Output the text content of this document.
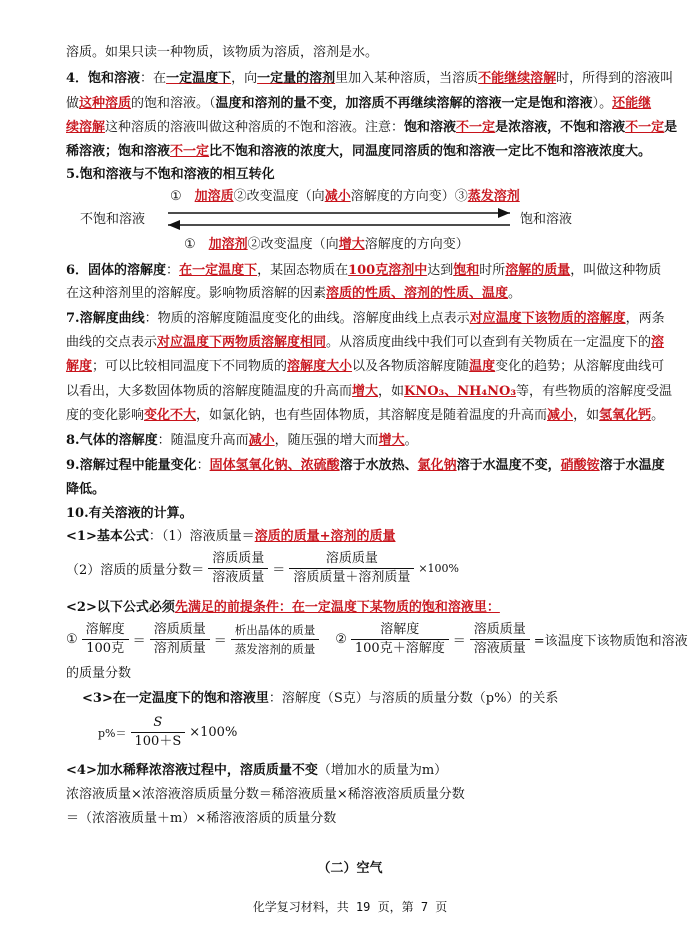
溶质。如果只读一种物质，该物质为溶质，溶剂是水。
4．饱和溶液：在一定温度下，向一定量的溶剂里加入某种溶质，当溶质不能继续溶解时，所得到的溶液叫
做这种溶质的饱和溶液。（温度和溶剂的量不变，加溶质不再继续溶解的溶液一定是饱和溶液）。还能继
续溶解这种溶质的溶液叫做这种溶质的不饱和溶液。注意：饱和溶液不一定是浓溶液，不饱和溶液不一定是
稀溶液；饱和溶液不一定比不饱和溶液的浓度大，同温度同溶质的饱和溶液一定比不饱和溶液浓度大。
5.饱和溶液与不饱和溶液的相互转化
①　加溶质②改变温度（向减小溶解度的方向变）③蒸发溶剂
不饱和溶液	饱和溶液
①　加溶剂②改变温度（向增大溶解度的方向变）
6．固体的溶解度：在一定温度下，某固态物质在100克溶剂中达到饱和时所溶解的质量，叫做这种物质
在这种溶剂里的溶解度。影响物质溶解的因素溶质的性质、溶剂的性质、温度。
7.溶解度曲线：物质的溶解度随温度变化的曲线。溶解度曲线上点表示对应温度下该物质的溶解度，两条
曲线的交点表示对应温度下两物质溶解度相同。从溶质度曲线中我们可以查到有关物质在一定温度下的溶
解度；可以比较相同温度下不同物质的溶解度大小以及各物质溶解度随温度变化的趋势；从溶解度曲线可
以看出，大多数固体物质的溶解度随温度的升高而增大，如KNO₃、NH₄NO₃等，有些物质的溶解度受温
度的变化影响变化不大，如氯化钠，也有些固体物质，其溶解度是随着温度的升高而减小，如氢氧化钙。
8.气体的溶解度：随温度升高而减小，随压强的增大而增大。
9.溶解过程中能量变化：固体氢氧化钠、浓硫酸溶于水放热、氯化钠溶于水温度不变，硝酸铵溶于水温度
降低。
10.有关溶液的计算。
<1>基本公式：（1）溶液质量＝溶质的质量+溶剂的质量
（2）溶质的质量分数＝ $\frac{\text{溶质质量}}{\text{溶液质量}} = \frac{\text{溶质质量}}{\text{溶质质量＋溶剂质量}} \times 100\%$
<2>以下公式必须先满足的前提条件：在一定温度下某物质的饱和溶液里：
① $\frac{\text{溶解度}}{\text{100克}} = \frac{\text{溶质质量}}{\text{溶剂质量}} = \frac{\text{析出晶体的质量}}{\text{蒸发溶剂的质量}}$ ② $\frac{\text{溶解度}}{\text{100克＋溶解度}} = \frac{\text{溶质质量}}{\text{溶液质量}}$ =该温度下该物质饱和溶液
的质量分数
<3>在一定温度下的饱和溶液里：溶解度（S克）与溶质的质量分数（p%）的关系
$p\%= \frac{S}{100+S} \times 100\%$
<4>加水稀释浓溶液过程中，溶质质量不变（增加水的质量为m）
浓溶液质量×浓溶液溶质质量分数＝稀溶液质量×稀溶液溶质质量分数
＝（浓溶液质量＋m）×稀溶液溶质的质量分数
（二）空气
化学复习材料，共 19 页，第 7 页
